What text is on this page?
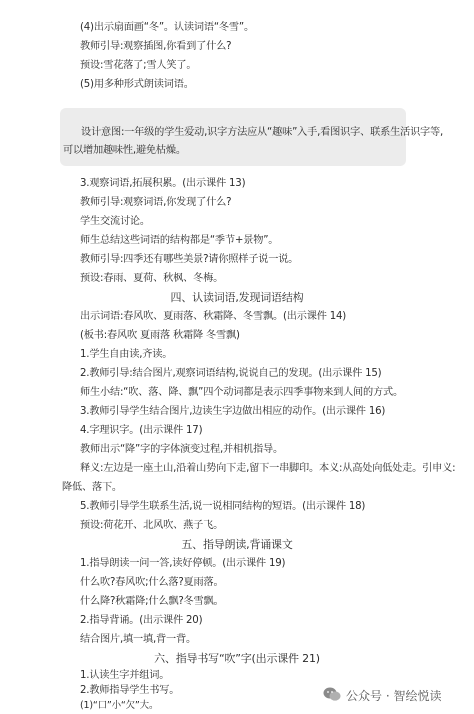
(4)出示扇面画“冬”。认读词语“冬雪”。
教师引导:观察插图,你看到了什么?
预设:雪花落了;雪人笑了。
(5)用多种形式朗读词语。
设计意图:一年级的学生爱动,识字方法应从“趣味”入手,看图识字、联系生活识字等,
可以增加趣味性,避免枯燥。
3.观察词语,拓展积累。(出示课件 13)
教师引导:观察词语,你发现了什么?
学生交流讨论。
师生总结这些词语的结构都是“季节+景物”。
教师引导:四季还有哪些美景?请你照样子说一说。
预设:春雨、夏荷、秋枫、冬梅。
四、认读词语,发现词语结构
出示词语:春风吹、夏雨落、秋霜降、冬雪飘。(出示课件 14)
(板书:春风吹 夏雨落 秋霜降 冬雪飘)
1.学生自由读,齐读。
2.教师引导:结合图片,观察词语结构,说说自己的发现。(出示课件 15)
师生小结:“吹、落、降、飘”四个动词都是表示四季事物来到人间的方式。
3.教师引导学生结合图片,边读生字边做出相应的动作。(出示课件 16)
4.字理识字。(出示课件 17)
教师出示“降”字的字体演变过程,并相机指导。
释义:左边是一座土山,沿着山势向下走,留下一串脚印。本义:从高处向低处走。引申义:
降低、落下。
5.教师引导学生联系生活,说一说相同结构的短语。(出示课件 18)
预设:荷花开、北风吹、燕子飞。
五、指导朗读,背诵课文
1.指导朗读一问一答,读好停顿。(出示课件 19)
什么吹?春风吹;什么落?夏雨落。
什么降?秋霜降;什么飘?冬雪飘。
2.指导背诵。(出示课件 20)
结合图片,填一填,背一背。
六、指导书写“吹”字(出示课件 21)
1.认读生字并组词。
2.教师指导学生书写。
(1)“口”小“欠”大。
公众号 · 智绘悦读
